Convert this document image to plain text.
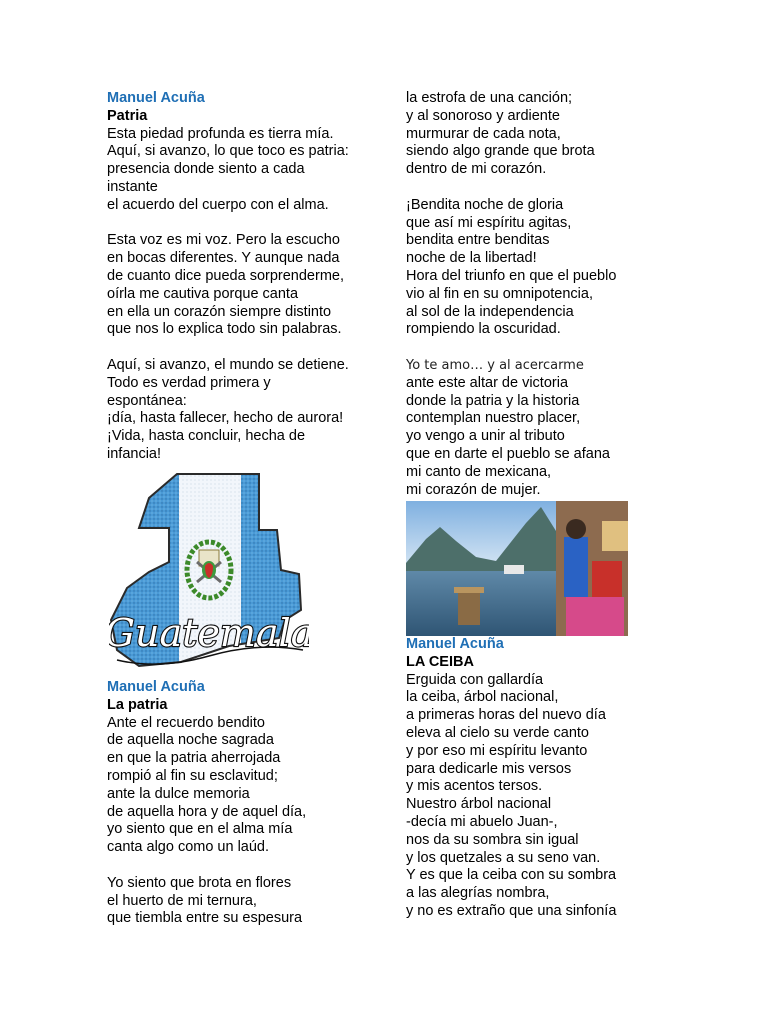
Manuel Acuña
Patria
Esta piedad profunda es tierra mía.
Aquí, si avanzo, lo que toco es patria:
presencia donde siento a cada
instante
el acuerdo del cuerpo con el alma.
Esta voz es mi voz. Pero la escucho
en bocas diferentes. Y aunque nada
de cuanto dice pueda sorprenderme,
oírla me cautiva porque canta
en ella un corazón siempre distinto
que nos lo explica todo sin palabras.
Aquí, si avanzo, el mundo se detiene.
Todo es verdad primera y
espontánea:
¡día, hasta fallecer, hecho de aurora!
¡Vida, hasta concluir, hecha de
infancia!
Guatemala
Manuel Acuña
La patria
Ante el recuerdo bendito
de aquella noche sagrada
en que la patria aherrojada
rompió al fin su esclavitud;
ante la dulce memoria
de aquella hora y de aquel día,
yo siento que en el alma mía
canta algo como un laúd.
Yo siento que brota en flores
el huerto de mi ternura,
que tiembla entre su espesura
la estrofa de una canción;
y al sonoroso y ardiente
murmurar de cada nota,
siendo algo grande que brota
dentro de mi corazón.
¡Bendita noche de gloria
que así mi espíritu agitas,
bendita entre benditas
noche de la libertad!
Hora del triunfo en que el pueblo
vio al fin en su omnipotencia,
al sol de la independencia
rompiendo la oscuridad.
Yo te amo… y al acercarme
ante este altar de victoria
donde la patria y la historia
contemplan nuestro placer,
yo vengo a unir al tributo
que en darte el pueblo se afana
mi canto de mexicana,
mi corazón de mujer.
Manuel Acuña
LA CEIBA
Erguida con gallardía
la ceiba, árbol nacional,
a primeras horas del nuevo día
eleva al cielo su verde canto
y por eso mi espíritu levanto
para dedicarle mis versos
y mis acentos tersos.
Nuestro árbol nacional
-decía mi abuelo Juan-,
nos da su sombra sin igual
y los quetzales a su seno van.
Y es que la ceiba con su sombra
a las alegrías nombra,
y no es extraño que una sinfonía
